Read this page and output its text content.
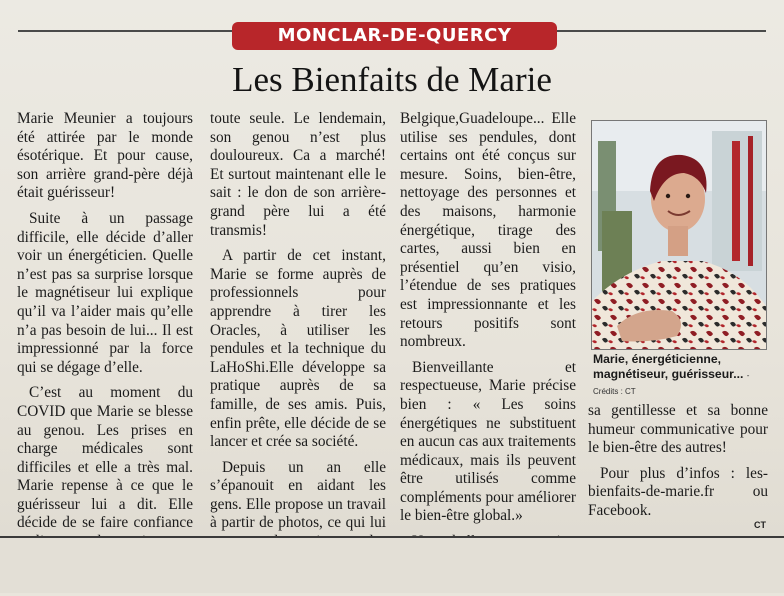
MONCLAR-DE-QUERCY
Les Bienfaits de Marie

Marie Meunier a toujours été attirée par le monde ésotérique. Et pour cause, son arrière grand-père déjà était guérisseur!

Suite à un passage difficile, elle décide d’aller voir un énergéticien. Quelle n’est pas sa surprise lorsque le magnétiseur lui explique qu’il va l’aider mais qu’elle n’a pas besoin de lui... Il est impressionné par la force qui se dégage d’elle.

C’est au moment du COVID que Marie se blesse au genou. Les prises en charge médicales sont difficiles et elle a très mal. Marie repense à ce que le guérisseur lui a dit. Elle décide de se faire confiance

toute seule. Le lendemain, son genou n’est plus douloureux. Ca a marché! Et surtout maintenant elle le sait : le don de son arrière-grand père lui a été transmis!

A partir de cet instant, Marie se forme auprès de professionnels pour apprendre à tirer les Oracles, à utiliser les pendules et la technique du LaHoShi.Elle développe sa pratique auprès de sa famille, de ses amis. Puis, enfin prête, elle décide de se lancer et crée sa société.

Depuis un an elle s’épanouit en aidant les gens. Elle propose un travail à partir de photos, ce qui lui

Belgique,Guadeloupe... Elle utilise ses pendules, dont certains ont été conçus sur mesure. Soins, bien-être, nettoyage des personnes et des maisons, harmonie énergétique, tirage des cartes, aussi bien en présentiel qu’en visio, l’étendue de ses pratiques est impressionnante et les retours positifs sont nombreux.

Bienveillante et respectueuse, Marie précise bien : « Les soins énergétiques ne substituent en aucun cas aux traitements médicaux, mais ils peuvent être utilisés comme compléments pour améliorer le bien-être global.»

Marie, énergéticienne, magnétiseur, guérisseur... - Crédits : CT

sa gentillesse et sa bonne humeur communicative pour le bien-être des autres!

Pour plus d’infos : les-bienfaits-de-marie.fr ou Facebook.

CT
